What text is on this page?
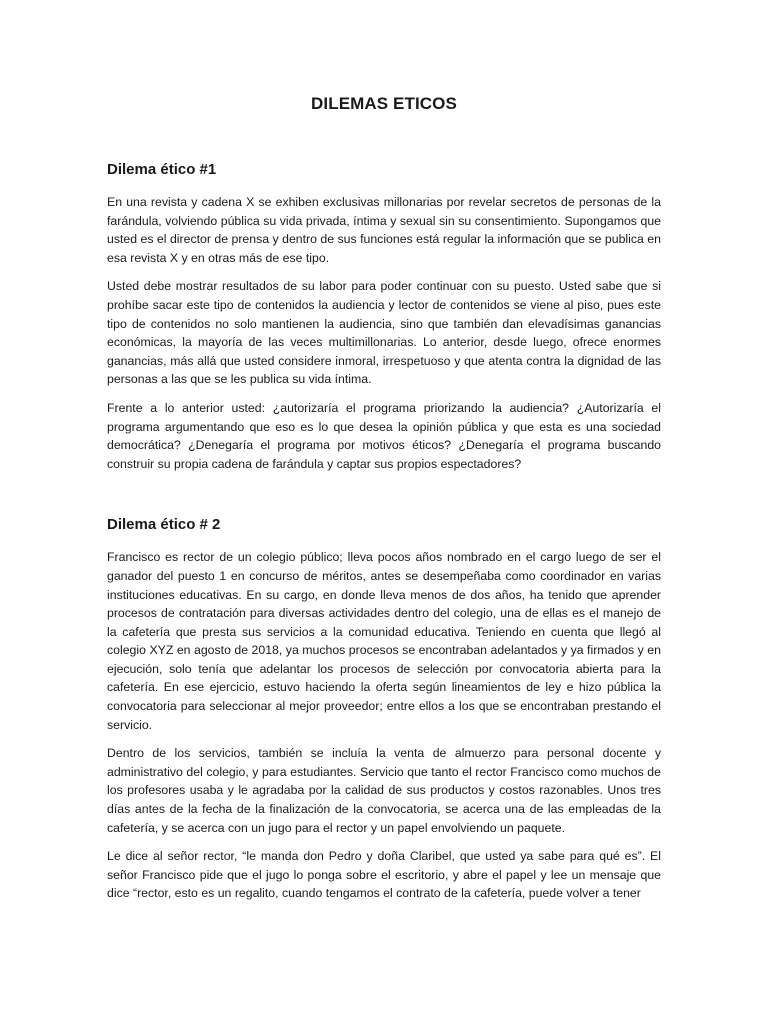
DILEMAS ETICOS
Dilema ético #1

En una revista y cadena X se exhiben exclusivas millonarias por revelar secretos de personas de la farándula, volviendo pública su vida privada, íntima y sexual sin su consentimiento. Supongamos que usted es el director de prensa y dentro de sus funciones está regular la información que se publica en esa revista X y en otras más de ese tipo.

Usted debe mostrar resultados de su labor para poder continuar con su puesto. Usted sabe que si prohíbe sacar este tipo de contenidos la audiencia y lector de contenidos se viene al piso, pues este tipo de contenidos no solo mantienen la audiencia, sino que también dan elevadísimas ganancias económicas, la mayoría de las veces multimillonarias. Lo anterior, desde luego, ofrece enormes ganancias, más allá que usted considere inmoral, irrespetuoso y que atenta contra la dignidad de las personas a las que se les publica su vida íntima.

Frente a lo anterior usted: ¿autorizaría el programa priorizando la audiencia? ¿Autorizaría el programa argumentando que eso es lo que desea la opinión pública y que esta es una sociedad democrática? ¿Denegaría el programa por motivos éticos? ¿Denegaría el programa buscando construir su propia cadena de farándula y captar sus propios espectadores?

Dilema ético # 2

Francisco es rector de un colegio público; lleva pocos años nombrado en el cargo luego de ser el ganador del puesto 1 en concurso de méritos, antes se desempeñaba como coordinador en varias instituciones educativas. En su cargo, en donde lleva menos de dos años, ha tenido que aprender procesos de contratación para diversas actividades dentro del colegio, una de ellas es el manejo de la cafetería que presta sus servicios a la comunidad educativa. Teniendo en cuenta que llegó al colegio XYZ en agosto de 2018, ya muchos procesos se encontraban adelantados y ya firmados y en ejecución, solo tenía que adelantar los procesos de selección por convocatoria abierta para la cafetería. En ese ejercicio, estuvo haciendo la oferta según lineamientos de ley e hizo pública la convocatoria para seleccionar al mejor proveedor; entre ellos a los que se encontraban prestando el servicio.

Dentro de los servicios, también se incluía la venta de almuerzo para personal docente y administrativo del colegio, y para estudiantes. Servicio que tanto el rector Francisco como muchos de los profesores usaba y le agradaba por la calidad de sus productos y costos razonables. Unos tres días antes de la fecha de la finalización de la convocatoria, se acerca una de las empleadas de la cafetería, y se acerca con un jugo para el rector y un papel envolviendo un paquete.

Le dice al señor rector, “le manda don Pedro y doña Claribel, que usted ya sabe para qué es”. El señor Francisco pide que el jugo lo ponga sobre el escritorio, y abre el papel y lee un mensaje que dice “rector, esto es un regalito, cuando tengamos el contrato de la cafetería, puede volver a tener
